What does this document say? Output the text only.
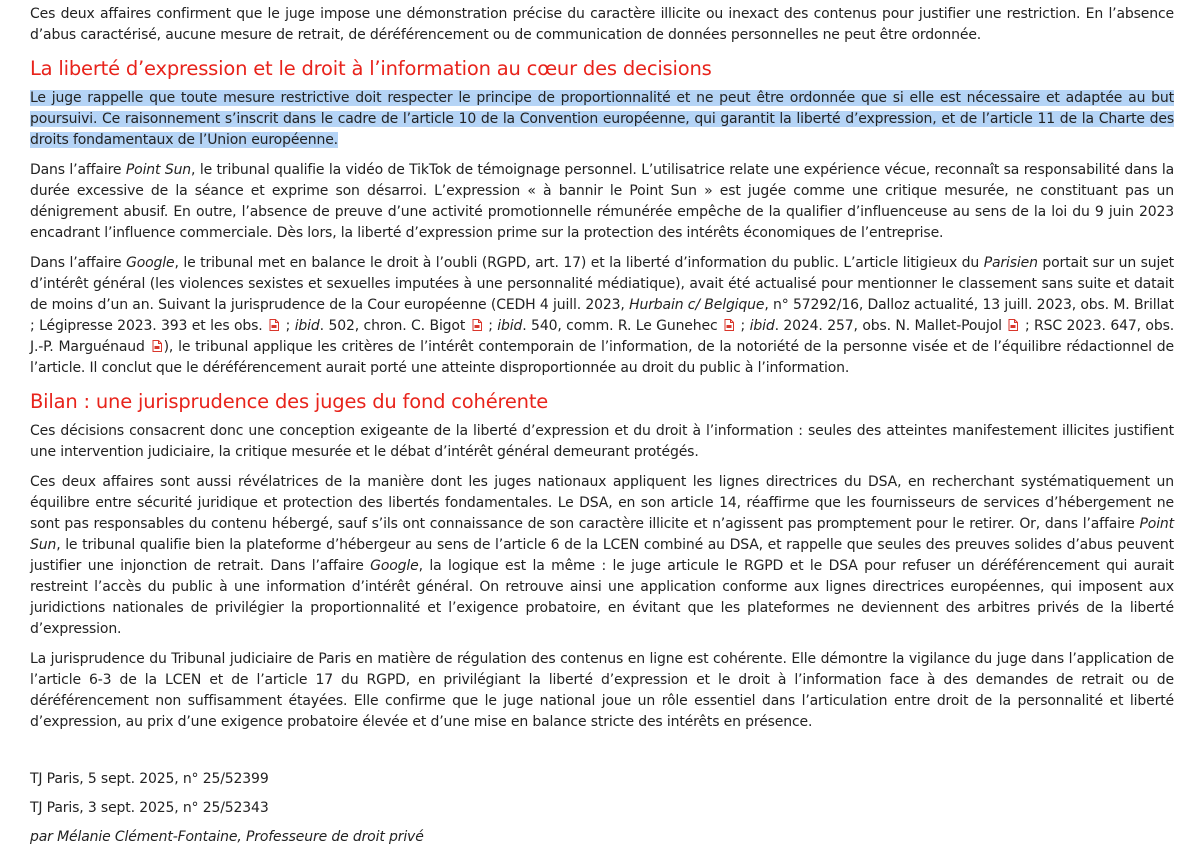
Ces deux affaires confirment que le juge impose une démonstration précise du caractère illicite ou inexact des contenus pour justifier une restriction. En l’absence d’abus caractérisé, aucune mesure de retrait, de déréférencement ou de communication de données personnelles ne peut être ordonnée.

La liberté d’expression et le droit à l’information au cœur des decisions

Le juge rappelle que toute mesure restrictive doit respecter le principe de proportionnalité et ne peut être ordonnée que si elle est nécessaire et adaptée au but poursuivi. Ce raisonnement s’inscrit dans le cadre de l’article 10 de la Convention européenne, qui garantit la liberté d’expression, et de l’article 11 de la Charte des droits fondamentaux de l’Union européenne.

Dans l’affaire Point Sun, le tribunal qualifie la vidéo de TikTok de témoignage personnel. L’utilisatrice relate une expérience vécue, reconnaît sa responsabilité dans la durée excessive de la séance et exprime son désarroi. L’expression « à bannir le Point Sun » est jugée comme une critique mesurée, ne constituant pas un dénigrement abusif. En outre, l’absence de preuve d’une activité promotionnelle rémunérée empêche de la qualifier d’influenceuse au sens de la loi du 9 juin 2023 encadrant l’influence commerciale. Dès lors, la liberté d’expression prime sur la protection des intérêts économiques de l’entreprise.

Dans l’affaire Google, le tribunal met en balance le droit à l’oubli (RGPD, art. 17) et la liberté d’information du public. L’article litigieux du Parisien portait sur un sujet d’intérêt général (les violences sexistes et sexuelles imputées à une personnalité médiatique), avait été actualisé pour mentionner le classement sans suite et datait de moins d’un an. Suivant la jurisprudence de la Cour européenne (CEDH 4 juill. 2023, Hurbain c/ Belgique, n° 57292/16, Dalloz actualité, 13 juill. 2023, obs. M. Brillat ; Légipresse 2023. 393 et les obs.
; ibid. 502, chron. C. Bigot
; ibid. 540, comm. R. Le Gunehec
; ibid. 2024. 257, obs. N. Mallet-Poujol
; RSC 2023. 647, obs. J.-P. Marguénaud
), le tribunal applique les critères de l’intérêt contemporain de l’information, de la notoriété de la personne visée et de l’équilibre rédactionnel de l’article. Il conclut que le déréférencement aurait porté une atteinte disproportionnée au droit du public à l’information.

Bilan : une jurisprudence des juges du fond cohérente

Ces décisions consacrent donc une conception exigeante de la liberté d’expression et du droit à l’information : seules des atteintes manifestement illicites justifient une intervention judiciaire, la critique mesurée et le débat d’intérêt général demeurant protégés.

Ces deux affaires sont aussi révélatrices de la manière dont les juges nationaux appliquent les lignes directrices du DSA, en recherchant systématiquement un équilibre entre sécurité juridique et protection des libertés fondamentales. Le DSA, en son article 14, réaffirme que les fournisseurs de services d’hébergement ne sont pas responsables du contenu hébergé, sauf s’ils ont connaissance de son caractère illicite et n’agissent pas promptement pour le retirer. Or, dans l’affaire Point Sun, le tribunal qualifie bien la plateforme d’hébergeur au sens de l’article 6 de la LCEN combiné au DSA, et rappelle que seules des preuves solides d’abus peuvent justifier une injonction de retrait. Dans l’affaire Google, la logique est la même : le juge articule le RGPD et le DSA pour refuser un déréférencement qui aurait restreint l’accès du public à une information d’intérêt général. On retrouve ainsi une application conforme aux lignes directrices européennes, qui imposent aux juridictions nationales de privilégier la proportionnalité et l’exigence probatoire, en évitant que les plateformes ne deviennent des arbitres privés de la liberté d’expression.

La jurisprudence du Tribunal judiciaire de Paris en matière de régulation des contenus en ligne est cohérente. Elle démontre la vigilance du juge dans l’application de l’article 6-3 de la LCEN et de l’article 17 du RGPD, en privilégiant la liberté d’expression et le droit à l’information face à des demandes de retrait ou de déréférencement non suffisamment étayées. Elle confirme que le juge national joue un rôle essentiel dans l’articulation entre droit de la personnalité et liberté d’expression, au prix d’une exigence probatoire élevée et d’une mise en balance stricte des intérêts en présence.

TJ Paris, 5 sept. 2025, n° 25/52399

TJ Paris, 3 sept. 2025, n° 25/52343

par Mélanie Clément-Fontaine, Professeure de droit privé
